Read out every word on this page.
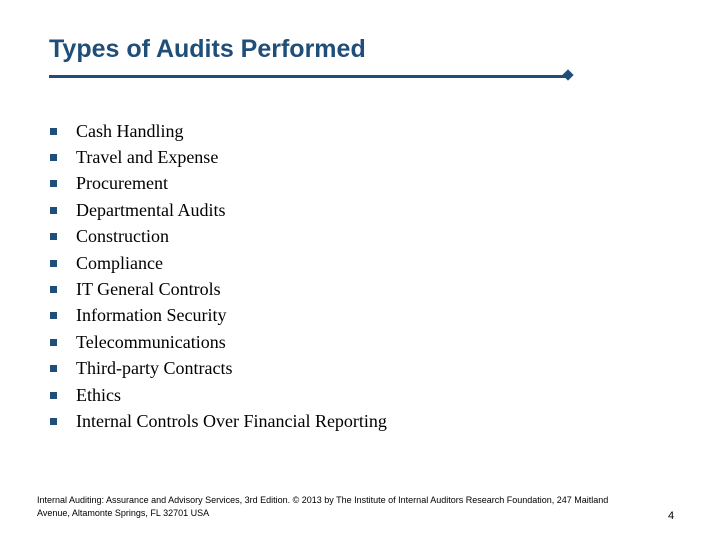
Types of Audits Performed
Cash Handling
Travel and Expense
Procurement
Departmental Audits
Construction
Compliance
IT General Controls
Information Security
Telecommunications
Third-party Contracts
Ethics
Internal Controls Over Financial Reporting
Internal Auditing: Assurance and Advisory Services, 3rd Edition. © 2013 by The Institute of Internal Auditors Research Foundation, 247 Maitland
Avenue, Altamonte Springs, FL 32701 USA	4
